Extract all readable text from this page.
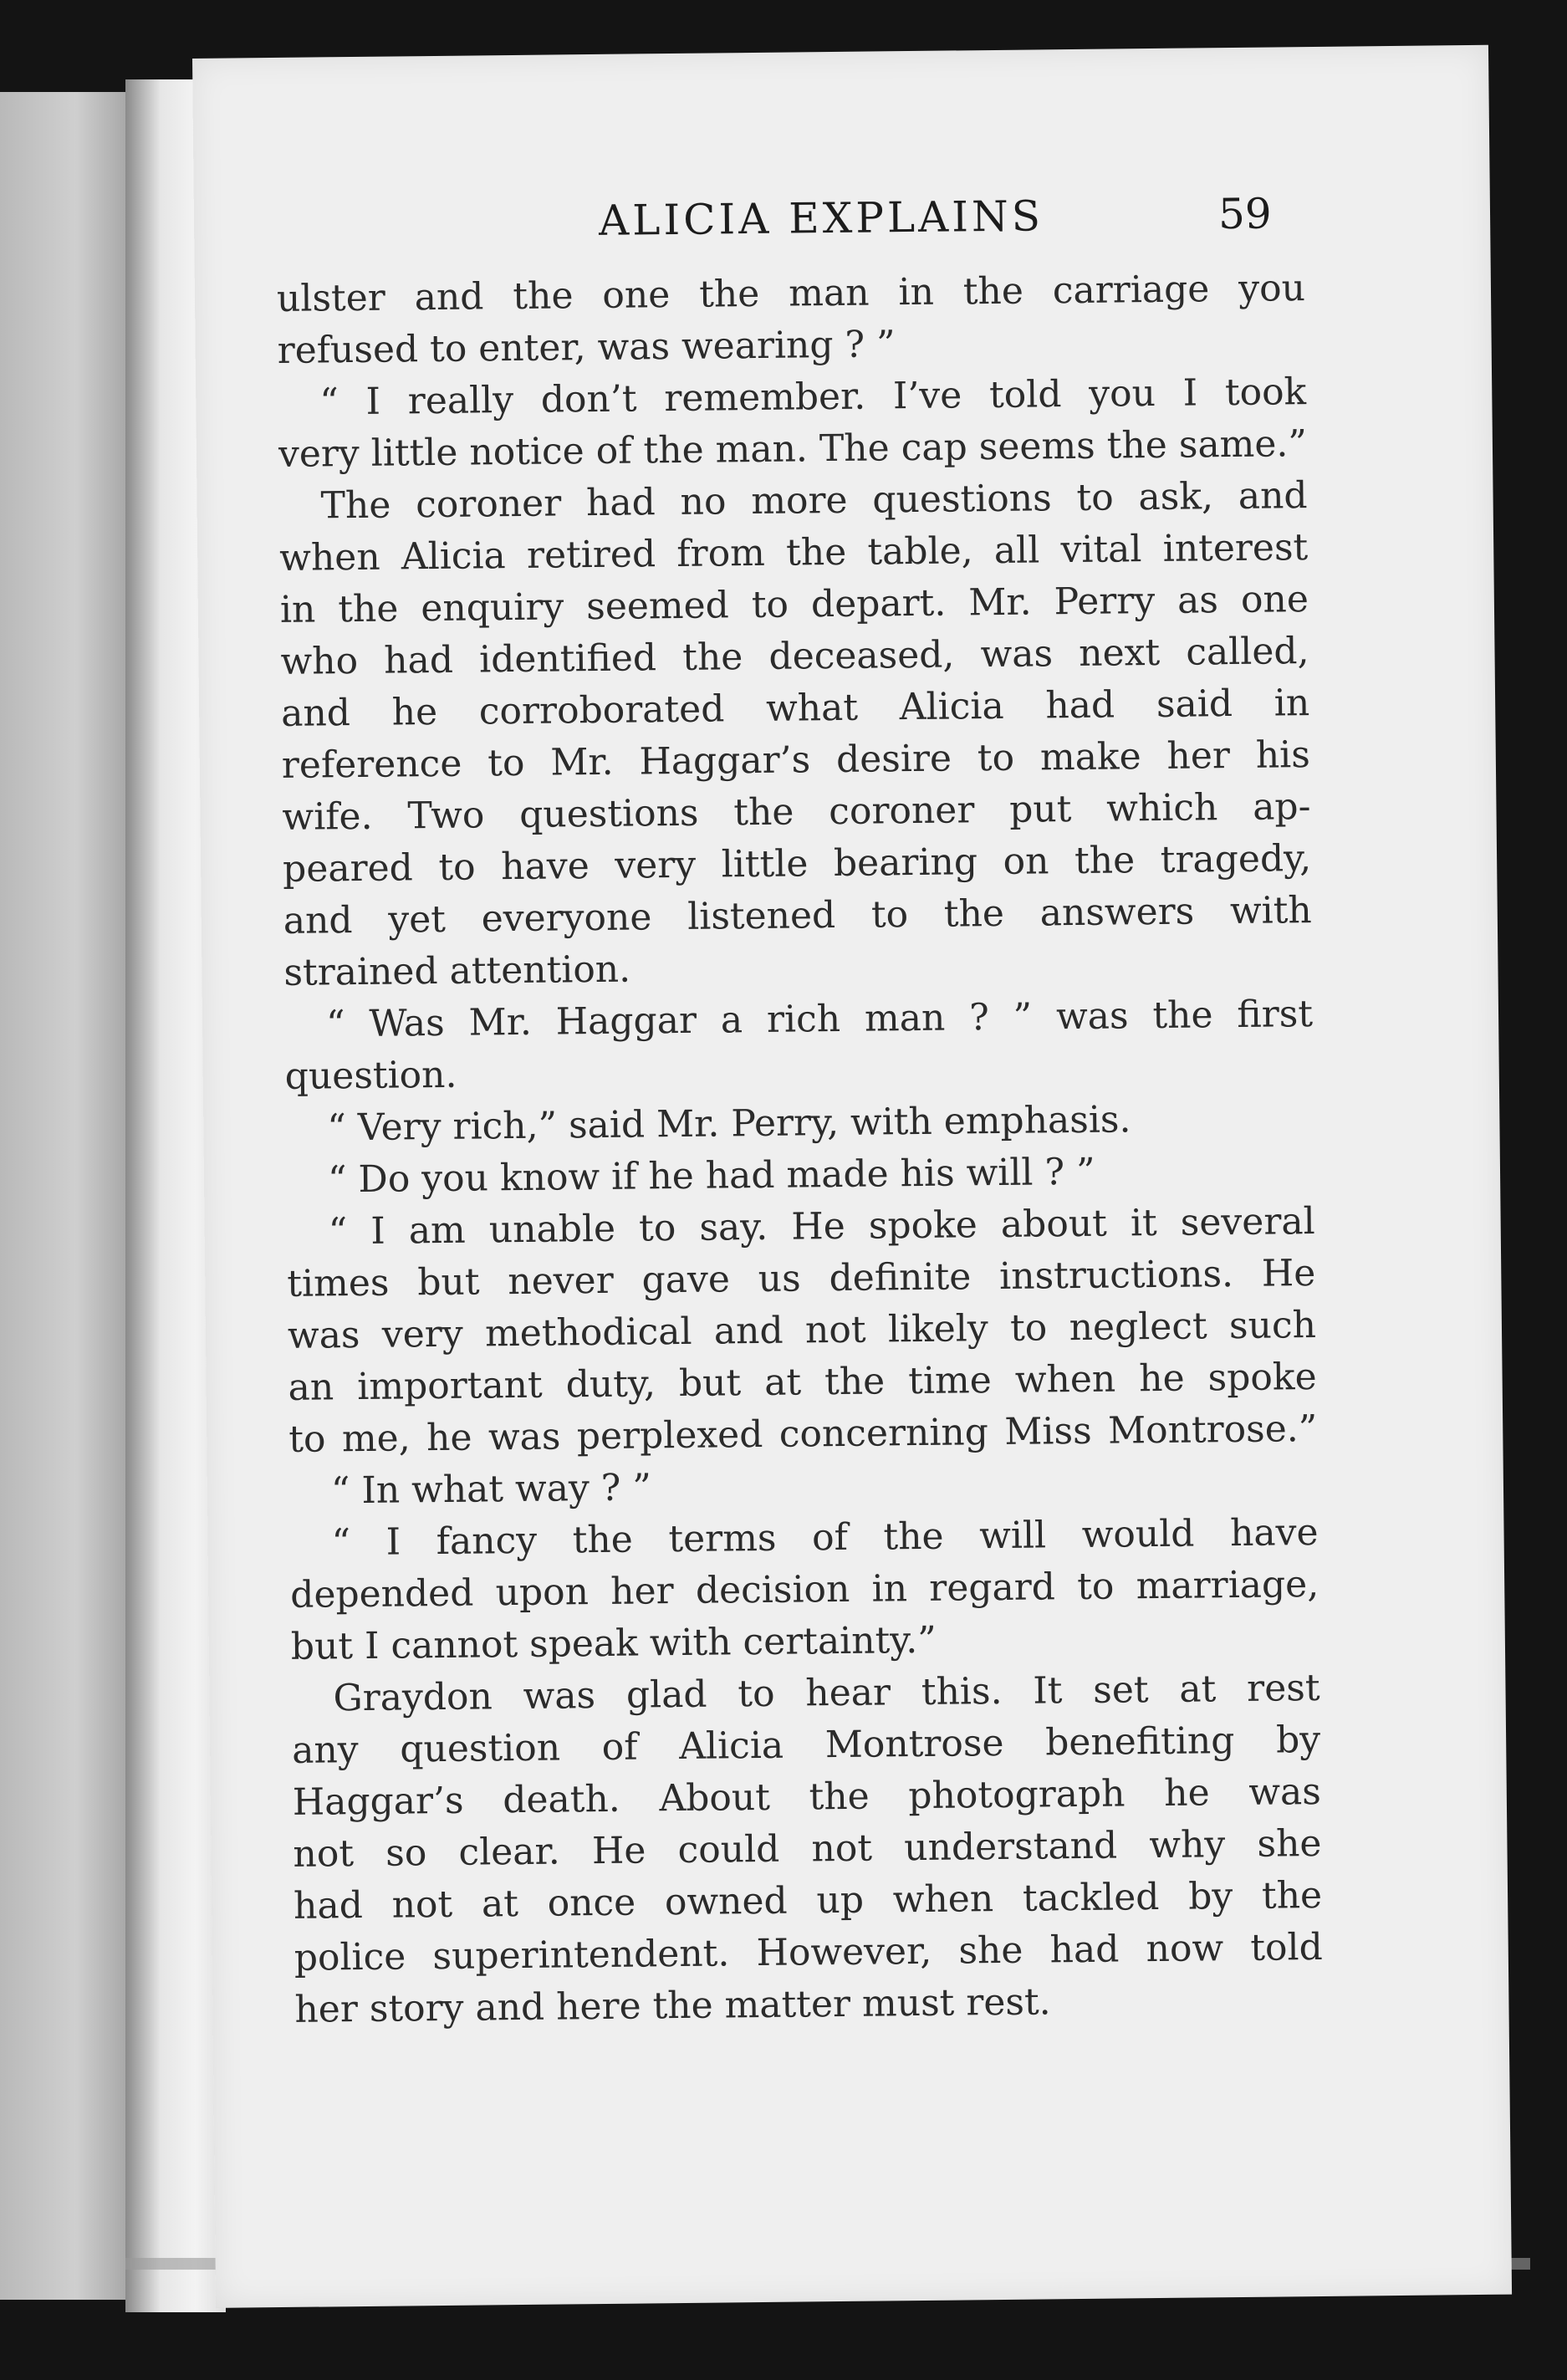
ALICIA EXPLAINS	59
ulster and the one the man in the carriage you
refused to enter, was wearing ? ”
“ I really don’t remember. I’ve told you I took
very little notice of the man. The cap seems the same.”
The coroner had no more questions to ask, and
when Alicia retired from the table, all vital interest
in the enquiry seemed to depart. Mr. Perry as one
who had identified the deceased, was next called,
and he corroborated what Alicia had said in
reference to Mr. Haggar’s desire to make her his
wife. Two questions the coroner put which ap-
peared to have very little bearing on the tragedy,
and yet everyone listened to the answers with
strained attention.
“ Was Mr. Haggar a rich man ? ” was the first
question.
“ Very rich,” said Mr. Perry, with emphasis.
“ Do you know if he had made his will ? ”
“ I am unable to say. He spoke about it several
times but never gave us definite instructions. He
was very methodical and not likely to neglect such
an important duty, but at the time when he spoke
to me, he was perplexed concerning Miss Montrose.”
“ In what way ? ”
“ I fancy the terms of the will would have
depended upon her decision in regard to marriage,
but I cannot speak with certainty.”
Graydon was glad to hear this. It set at rest
any question of Alicia Montrose benefiting by
Haggar’s death. About the photograph he was
not so clear. He could not understand why she
had not at once owned up when tackled by the
police superintendent. However, she had now told
her story and here the matter must rest.
